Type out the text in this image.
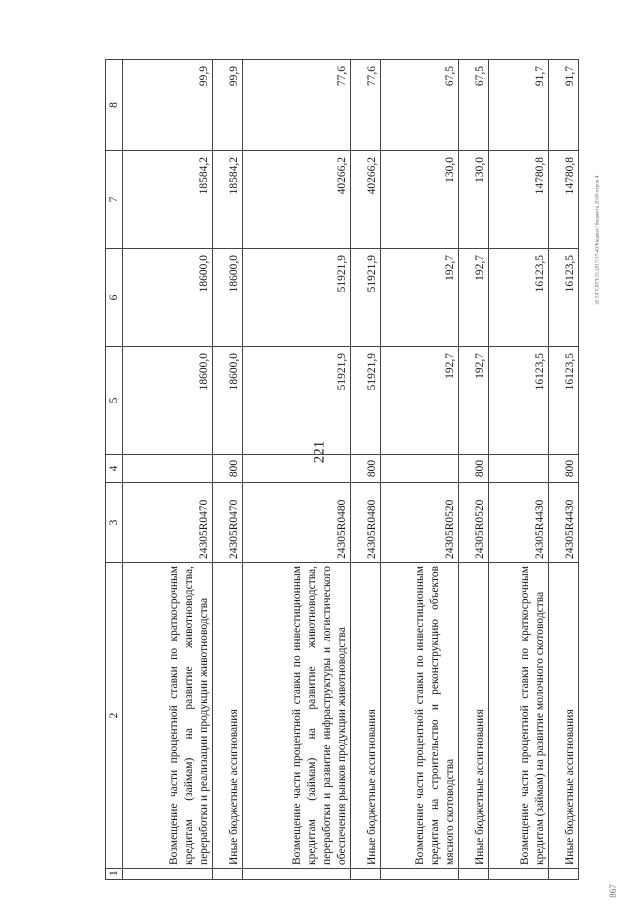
221
20.5/ГСАТЗ/15.2017/17-43/Бюджет/ бюджета 2018-отрон 4
867
1	2	3	4	5	6	7	8
	Возмещение части процентной ставки по краткосрочным кредитам (займам) на развитие животноводства, переработки и реализации продукции животноводства	24305R0470		18600,0	18600,0	18584,2	99,9
	Иные бюджетные ассигнования	24305R0470	800	18600,0	18600,0	18584,2	99,9
	Возмещение части процентной ставки по инвестиционным кредитам (займам) на развитие животноводства, переработки и развитие инфраструктуры и логистического обеспечения рынков продукции животноводства	24305R0480		51921,9	51921,9	40266,2	77,6
	Иные бюджетные ассигнования	24305R0480	800	51921,9	51921,9	40266,2	77,6
	Возмещение части процентной ставки по инвестиционным кредитам на строительство и реконструкцию объектов мясного скотоводства	24305R0520		192,7	192,7	130,0	67,5
	Иные бюджетные ассигнования	24305R0520	800	192,7	192,7	130,0	67,5
	Возмещение части процентной ставки по краткосрочным кредитам (займам) на развитие молочного скотоводства	24305R4430		16123,5	16123,5	14780,8	91,7
	Иные бюджетные ассигнования	24305R4430	800	16123,5	16123,5	14780,8	91,7
